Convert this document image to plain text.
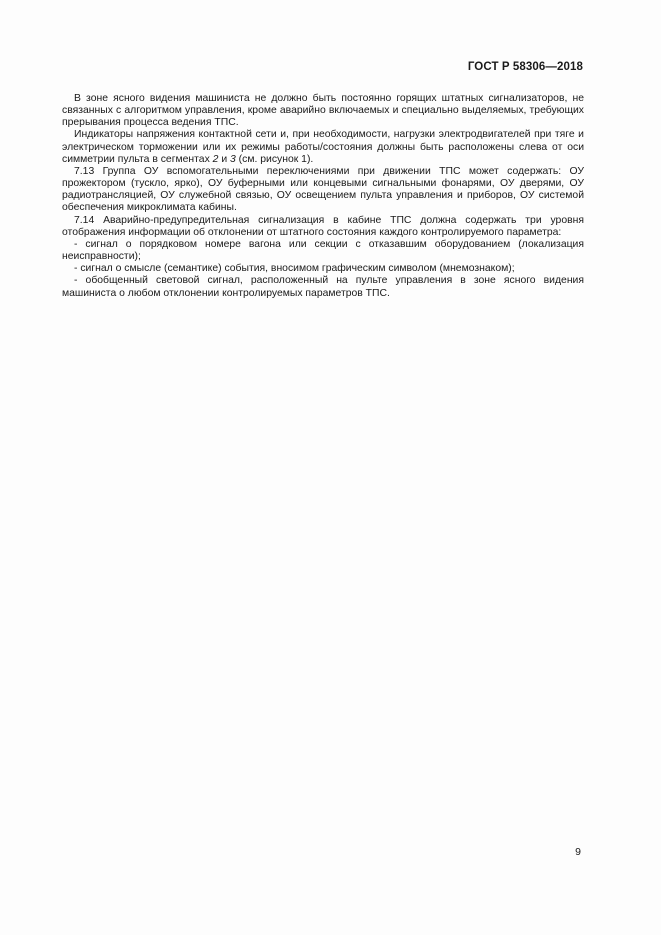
ГОСТ Р 58306—2018

В зоне ясного видения машиниста не должно быть постоянно горящих штатных сигнализаторов, не связанных с алгоритмом управления, кроме аварийно включаемых и специально выделяемых, требующих прерывания процесса ведения ТПС.

Индикаторы напряжения контактной сети и, при необходимости, нагрузки электродвигателей при тяге и электрическом торможении или их режимы работы/состояния должны быть расположены слева от оси симметрии пульта в сегментах 2 и 3 (см. рисунок 1).

7.13 Группа ОУ вспомогательными переключениями при движении ТПС может содержать: ОУ прожектором (тускло, ярко), ОУ буферными или концевыми сигнальными фонарями, ОУ дверями, ОУ радиотрансляцией, ОУ служебной связью, ОУ освещением пульта управления и приборов, ОУ системой обеспечения микроклимата кабины.

7.14 Аварийно-предупредительная сигнализация в кабине ТПС должна содержать три уровня отображения информации об отклонении от штатного состояния каждого контролируемого параметра:

- сигнал о порядковом номере вагона или секции с отказавшим оборудованием (локализация неисправности);

- сигнал о смысле (семантике) события, вносимом графическим символом (мнемознаком);

- обобщенный световой сигнал, расположенный на пульте управления в зоне ясного видения машиниста о любом отклонении контролируемых параметров ТПС.

9
